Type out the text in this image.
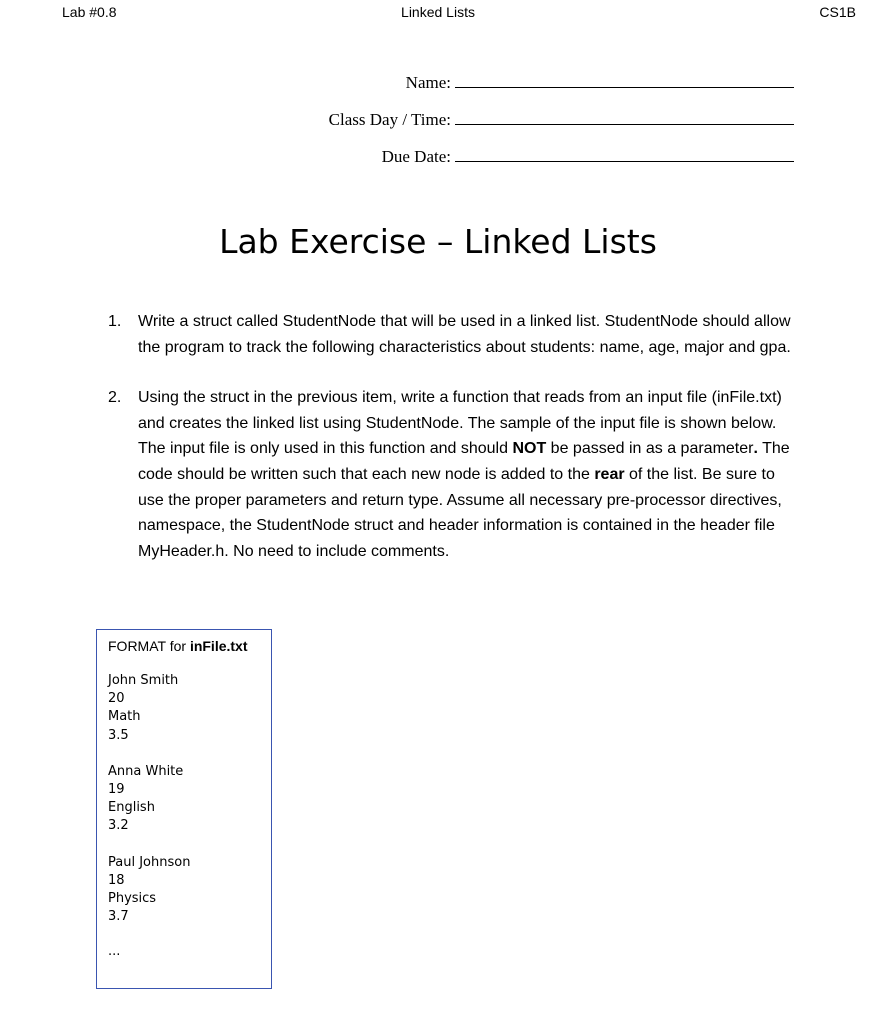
Lab #0.8	Linked Lists	CS1B
Name:
Class Day / Time:
Due Date:
Lab Exercise – Linked Lists
1.	Write a struct called StudentNode that will be used in a linked list. StudentNode should allow the program to track the following characteristics about students: name, age, major and gpa.
2.	Using the struct in the previous item, write a function that reads from an input file (inFile.txt) and creates the linked list using StudentNode. The sample of the input file is shown below. The input file is only used in this function and should NOT be passed in as a parameter. The code should be written such that each new node is added to the rear of the list. Be sure to use the proper parameters and return type. Assume all necessary pre-processor directives, namespace, the StudentNode struct and header information is contained in the header file MyHeader.h. No need to include comments.
FORMAT for inFile.txt
John Smith
20
Math
3.5
Anna White
19
English
3.2
Paul Johnson
18
Physics
3.7
...
